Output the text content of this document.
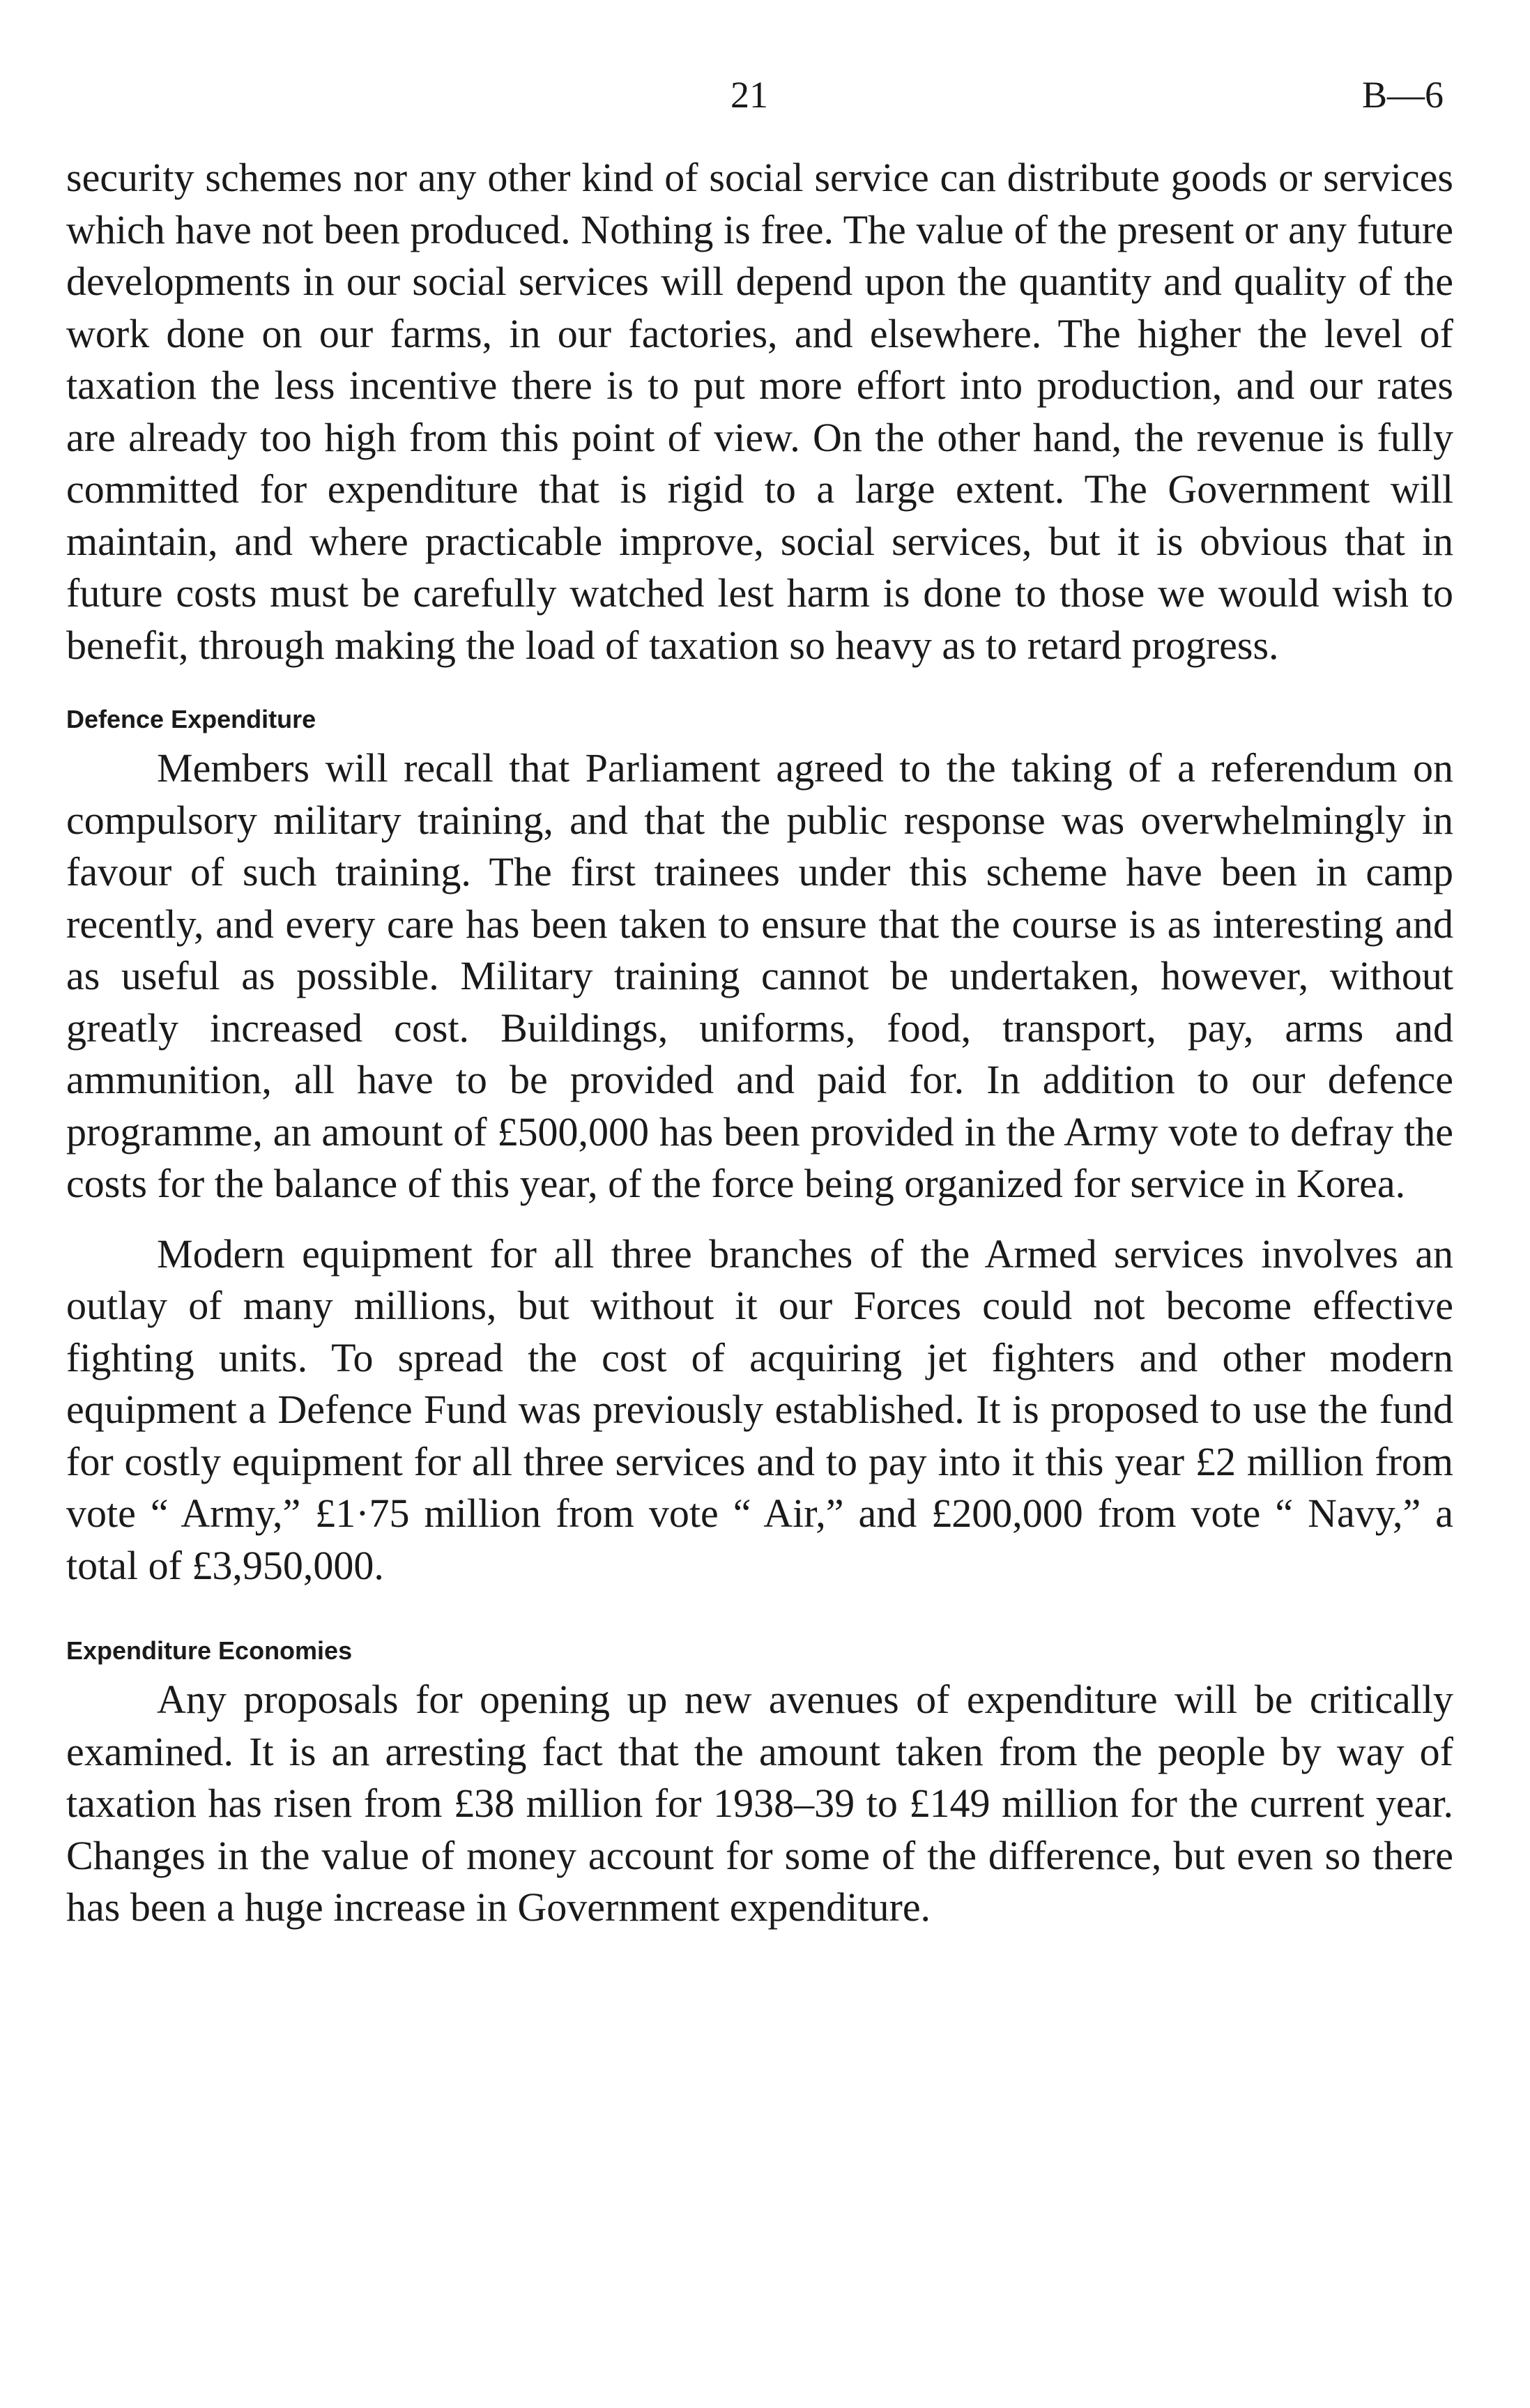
21	B—6

security schemes nor any other kind of social service can distribute goods or services which have not been produced. Nothing is free. The value of the present or any future developments in our social services will depend upon the quantity and quality of the work done on our farms, in our factories, and elsewhere. The higher the level of taxation the less incentive there is to put more effort into production, and our rates are already too high from this point of view. On the other hand, the revenue is fully committed for expenditure that is rigid to a large extent. The Government will maintain, and where practicable improve, social services, but it is obvious that in future costs must be carefully watched lest harm is done to those we would wish to benefit, through making the load of taxation so heavy as to retard progress.

Defence Expenditure

Members will recall that Parliament agreed to the taking of a referendum on compulsory military training, and that the public response was overwhelmingly in favour of such training. The first trainees under this scheme have been in camp recently, and every care has been taken to ensure that the course is as interesting and as useful as possible. Military training cannot be undertaken, however, without greatly increased cost. Buildings, uniforms, food, transport, pay, arms and ammunition, all have to be provided and paid for. In addition to our defence programme, an amount of £500,000 has been provided in the Army vote to defray the costs for the balance of this year, of the force being organized for service in Korea.

Modern equipment for all three branches of the Armed services involves an outlay of many millions, but without it our Forces could not become effective fighting units. To spread the cost of acquiring jet fighters and other modern equipment a Defence Fund was previously established. It is proposed to use the fund for costly equipment for all three services and to pay into it this year £2 million from vote “ Army,” £1·75 million from vote “ Air,” and £200,000 from vote “ Navy,” a total of £3,950,000.

Expenditure Economies

Any proposals for opening up new avenues of expenditure will be critically examined. It is an arresting fact that the amount taken from the people by way of taxation has risen from £38 million for 1938–39 to £149 million for the current year. Changes in the value of money account for some of the difference, but even so there has been a huge increase in Government expenditure.
